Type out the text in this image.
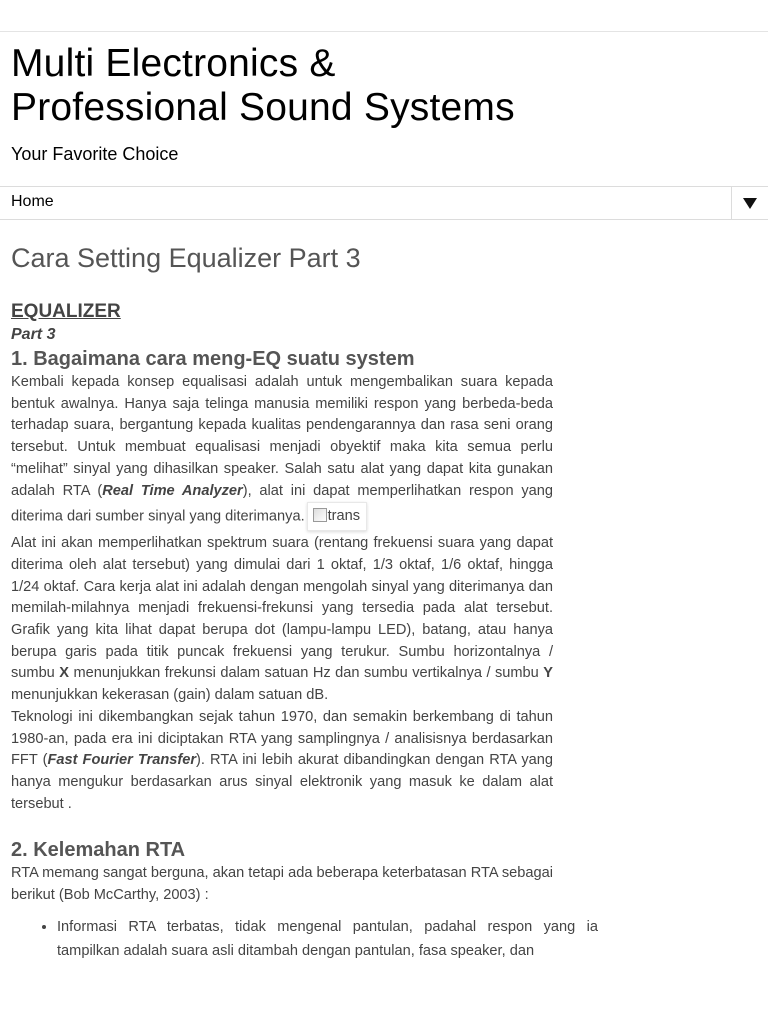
Multi Electronics &
Professional Sound Systems
Your Favorite Choice
Home
Cara Setting Equalizer Part 3
EQUALIZER
Part 3
1. Bagaimana cara meng-EQ suatu system

Kembali kepada konsep equalisasi adalah untuk mengembalikan suara kepada bentuk awalnya. Hanya saja telinga manusia memiliki respon yang berbeda-beda terhadap suara, bergantung kepada kualitas pendengarannya dan rasa seni orang tersebut. Untuk membuat equalisasi menjadi obyektif maka kita semua perlu “melihat” sinyal yang dihasilkan speaker. Salah satu alat yang dapat kita gunakan adalah RTA (Real Time Analyzer), alat ini dapat memperlihatkan respon yang diterima dari sumber sinyal yang diterimanya. trans

Alat ini akan memperlihatkan spektrum suara (rentang frekuensi suara yang dapat diterima oleh alat tersebut) yang dimulai dari 1 oktaf, 1/3 oktaf, 1/6 oktaf, hingga 1/24 oktaf. Cara kerja alat ini adalah dengan mengolah sinyal yang diterimanya dan memilah-milahnya menjadi frekuensi-frekunsi yang tersedia pada alat tersebut. Grafik yang kita lihat dapat berupa dot (lampu-lampu LED), batang, atau hanya berupa garis pada titik puncak frekuensi yang terukur. Sumbu horizontalnya / sumbu X menunjukkan frekunsi dalam satuan Hz dan sumbu vertikalnya / sumbu Y menunjukkan kekerasan (gain) dalam satuan dB.

Teknologi ini dikembangkan sejak tahun 1970, dan semakin berkembang di tahun 1980-an, pada era ini diciptakan RTA yang samplingnya / analisisnya berdasarkan FFT (Fast Fourier Transfer). RTA ini lebih akurat dibandingkan dengan RTA yang hanya mengukur berdasarkan arus sinyal elektronik yang masuk ke dalam alat tersebut .

2. Kelemahan RTA

RTA memang sangat berguna, akan tetapi ada beberapa keterbatasan RTA sebagai berikut (Bob McCarthy, 2003) :

• Informasi RTA terbatas, tidak mengenal pantulan, padahal respon yang ia tampilkan adalah suara asli ditambah dengan pantulan, fasa speaker, dan
